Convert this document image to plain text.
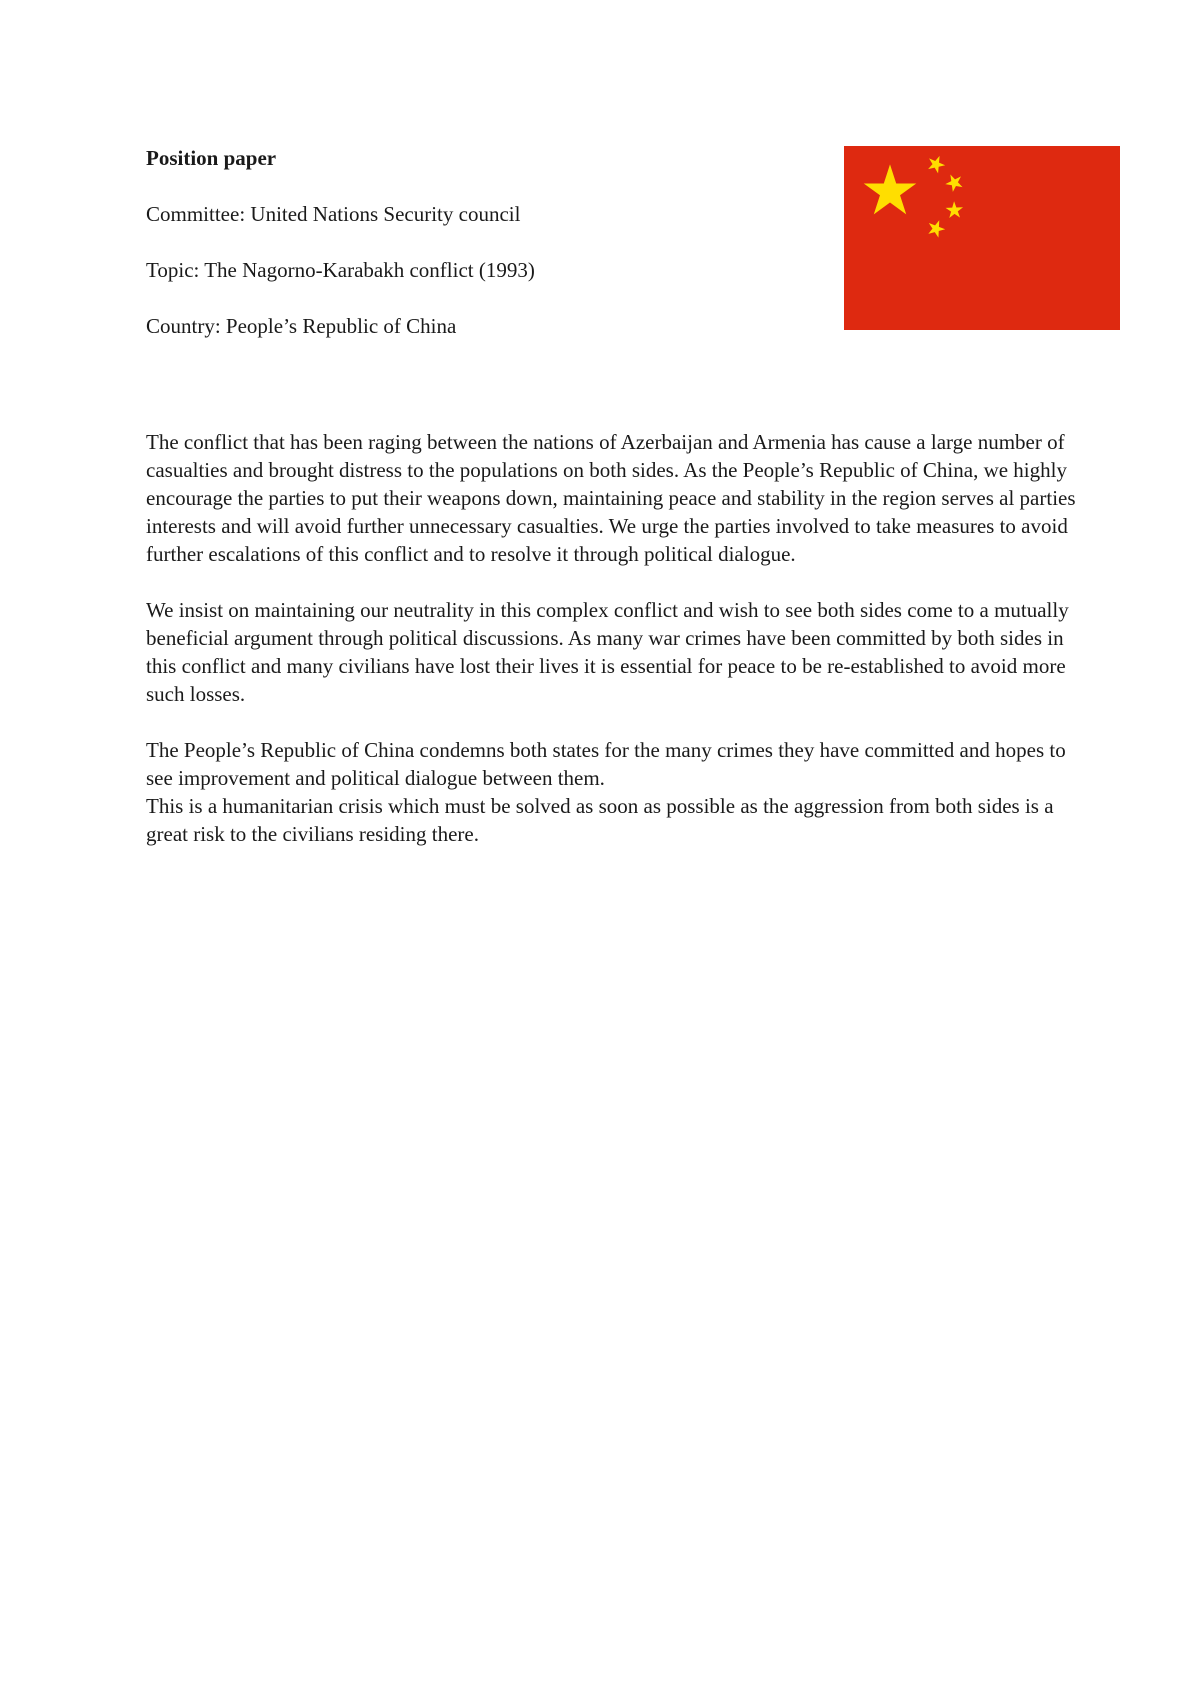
Position paper

Committee: United Nations Security council

Topic: The Nagorno-Karabakh conflict (1993)

Country: People’s Republic of China

The conflict that has been raging between the nations of Azerbaijan and Armenia has cause a large number of casualties and brought distress to the populations on both sides. As the People’s Republic of China, we highly encourage the parties to put their weapons down, maintaining peace and stability in the region serves al parties interests and will avoid further unnecessary casualties. We urge the parties involved to take measures to avoid further escalations of this conflict and to resolve it through political dialogue.

We insist on maintaining our neutrality in this complex conflict and wish to see both sides come to a mutually beneficial argument through political discussions. As many war crimes have been committed by both sides in this conflict and many civilians have lost their lives it is essential for peace to be re-established to avoid more such losses.

The People’s Republic of China condemns both states for the many crimes they have committed and hopes to see improvement and political dialogue between them.

This is a humanitarian crisis which must be solved as soon as possible as the aggression from both sides is a great risk to the civilians residing there.
